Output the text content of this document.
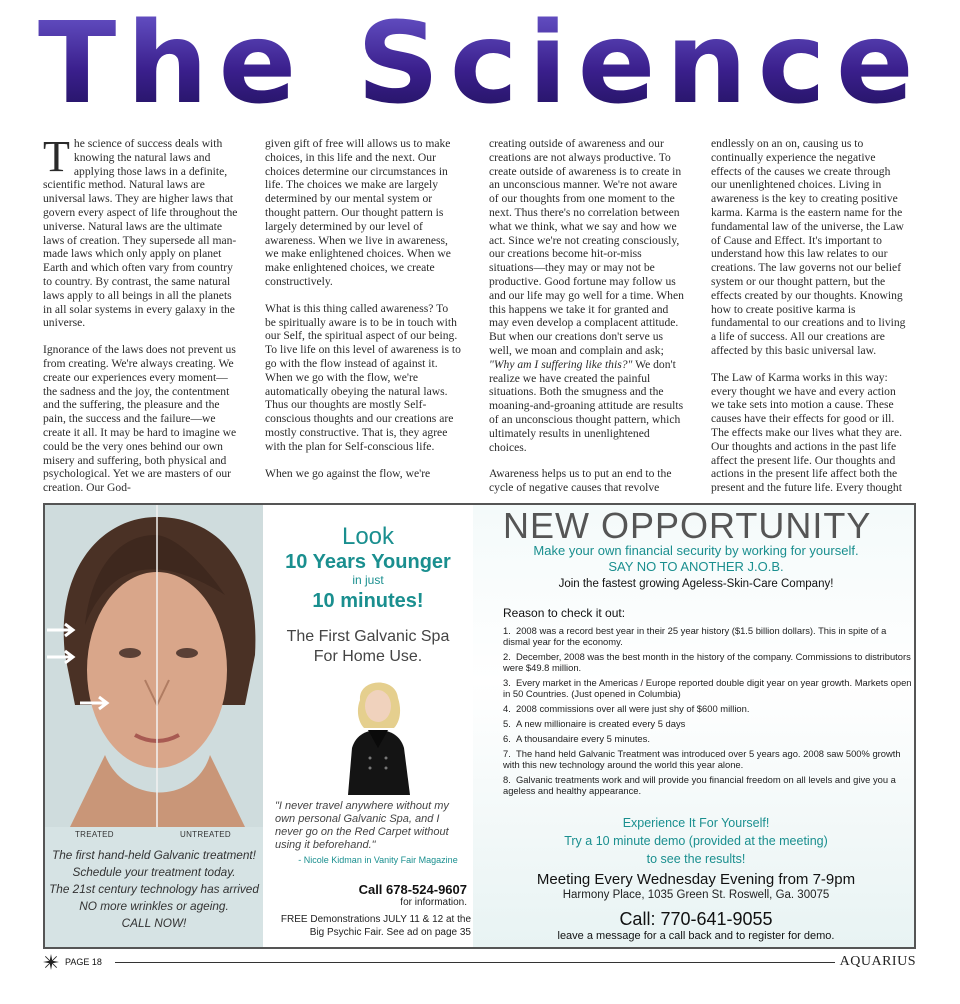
The Science

The science of success deals with knowing the natural laws and applying those laws in a definite, scientific method. Natural laws are universal laws. They are higher laws that govern every aspect of life throughout the universe. Natural laws are the ultimate laws of creation. They supersede all man-made laws which only apply on planet Earth and which often vary from country to country. By contrast, the same natural laws apply to all beings in all the planets in all solar systems in every galaxy in the universe.

Ignorance of the laws does not prevent us from creating. We're always creating. We create our experiences every moment—the sadness and the joy, the contentment and the suffering, the pleasure and the pain, the success and the failure—we create it all. It may be hard to imagine we could be the very ones behind our own misery and suffering, both physical and psychological. Yet we are masters of our creation. Our God-

given gift of free will allows us to make choices, in this life and the next. Our choices determine our circumstances in life. The choices we make are largely determined by our mental system or thought pattern. Our thought pattern is largely determined by our level of awareness. When we live in awareness, we make enlightened choices. When we make enlightened choices, we create constructively.

What is this thing called awareness? To be spiritually aware is to be in touch with our Self, the spiritual aspect of our being. To live life on this level of awareness is to go with the flow instead of against it. When we go with the flow, we're automatically obeying the natural laws. Thus our thoughts are mostly Self-conscious thoughts and our creations are mostly constructive. That is, they agree with the plan for Self-conscious life.

When we go against the flow, we're

creating outside of awareness and our creations are not always productive. To create outside of awareness is to create in an unconscious manner. We're not aware of our thoughts from one moment to the next. Thus there's no correlation between what we think, what we say and how we act. Since we're not creating consciously, our creations become hit-or-miss situations—they may or may not be productive. Good fortune may follow us and our life may go well for a time. When this happens we take it for granted and may even develop a complacent attitude. But when our creations don't serve us well, we moan and complain and ask; "Why am I suffering like this?" We don't realize we have created the painful situations. Both the smugness and the moaning-and-groaning attitude are results of an unconscious thought pattern, which ultimately results in unenlightened choices.

Awareness helps us to put an end to the cycle of negative causes that revolve

endlessly on an on, causing us to continually experience the negative effects of the causes we create through our unenlightened choices. Living in awareness is the key to creating positive karma. Karma is the eastern name for the fundamental law of the universe, the Law of Cause and Effect. It's important to understand how this law relates to our creations. The law governs not our belief system or our thought pattern, but the effects created by our thoughts. Knowing how to create positive karma is fundamental to our creations and to living a life of success. All our creations are affected by this basic universal law.

The Law of Karma works in this way: every thought we have and every action we take sets into motion a cause. These causes have their effects for good or ill. The effects make our lives what they are. Our thoughts and actions in the past life affect the present life. Our thoughts and actions in the present life affect both the present and the future life. Every thought

TREATED	UNTREATED
The first hand-held Galvanic treatment!
Schedule your treatment today.
The 21st century technology has arrived
NO more wrinkles or ageing.
CALL NOW!
Look
10 Years Younger
in just
10 minutes!
The First Galvanic Spa
For Home Use.
"I never travel anywhere without my own personal Galvanic Spa, and I never go on the Red Carpet without using it beforehand."
- Nicole Kidman in Vanity Fair Magazine
Call 678-524-9607
for information.
FREE Demonstrations JULY 11 & 12 at the
Big Psychic Fair. See ad on page 35
NEW OPPORTUNITY
Make your own financial security by working for yourself.
SAY NO TO ANOTHER J.O.B.
Join the fastest growing Ageless-Skin-Care Company!
Reason to check it out:
1. 2008 was a record best year in their 25 year history ($1.5 billion dollars). This in spite of a dismal year for the economy.
2. December, 2008 was the best month in the history of the company. Commissions to distributors were $49.8 million.
3. Every market in the Americas / Europe reported double digit year on year growth. Markets open in 50 Countries. (Just opened in Columbia)
4. 2008 commissions over all were just shy of $600 million.
5. A new millionaire is created every 5 days
6. A thousandaire every 5 minutes.
7. The hand held Galvanic Treatment was introduced over 5 years ago. 2008 saw 500% growth with this new technology around the world this year alone.
8. Galvanic treatments work and will provide you financial freedom on all levels and give you a ageless and healthy appearance.
Experience It For Yourself!
Try a 10 minute demo (provided at the meeting)
to see the results!
Meeting Every Wednesday Evening from 7-9pm
Harmony Place, 1035 Green St. Roswell, Ga. 30075
Call: 770-641-9055
leave a message for a call back and to register for demo.
PAGE 18	AQUARIUS
